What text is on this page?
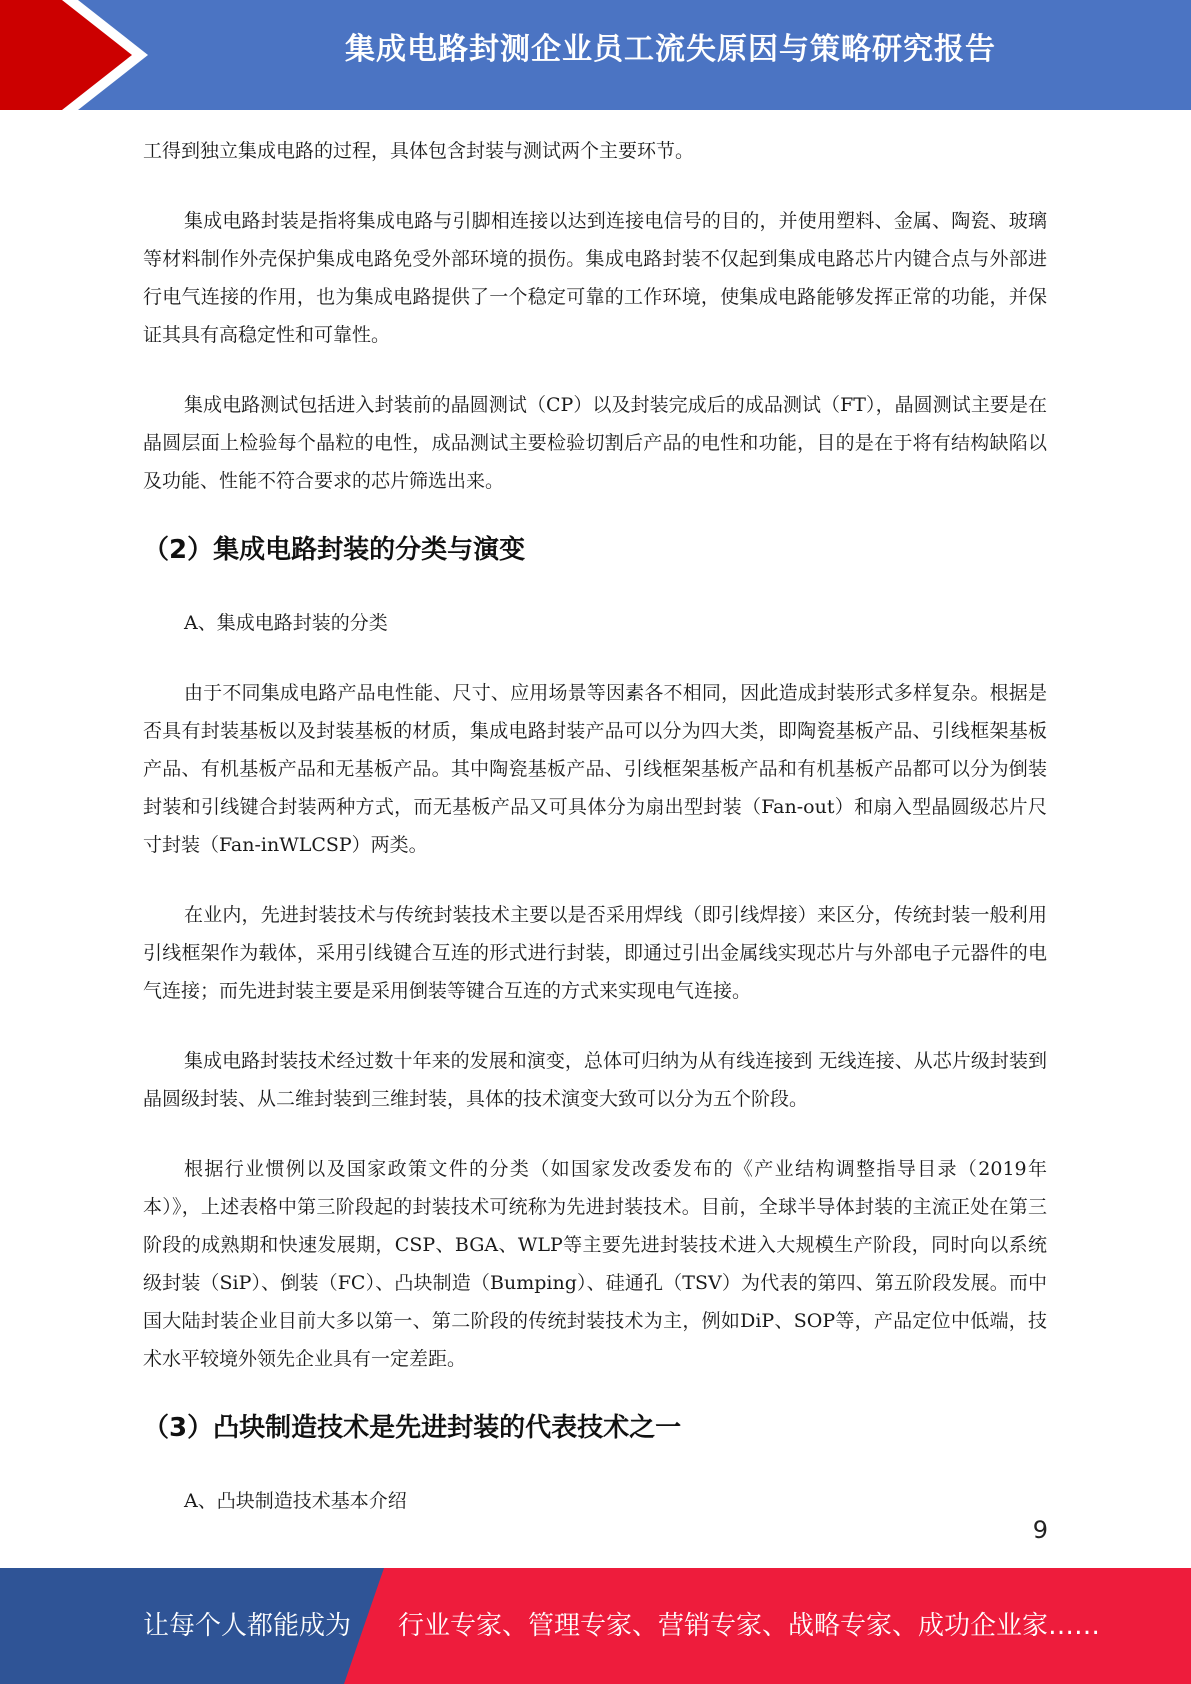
集成电路封测企业员工流失原因与策略研究报告

工得到独立集成电路的过程，具体包含封装与测试两个主要环节。

集成电路封装是指将集成电路与引脚相连接以达到连接电信号的目的，并使用塑料、金属、陶瓷、玻璃等材料制作外壳保护集成电路免受外部环境的损伤。集成电路封装不仅起到集成电路芯片内键合点与外部进行电气连接的作用，也为集成电路提供了一个稳定可靠的工作环境，使集成电路能够发挥正常的功能，并保证其具有高稳定性和可靠性。

集成电路测试包括进入封装前的晶圆测试（CP）以及封装完成后的成品测试（FT），晶圆测试主要是在晶圆层面上检验每个晶粒的电性，成品测试主要检验切割后产品的电性和功能，目的是在于将有结构缺陷以及功能、性能不符合要求的芯片筛选出来。

（2）集成电路封装的分类与演变
A、集成电路封装的分类

由于不同集成电路产品电性能、尺寸、应用场景等因素各不相同，因此造成封装形式多样复杂。根据是否具有封装基板以及封装基板的材质，集成电路封装产品可以分为四大类，即陶瓷基板产品、引线框架基板产品、有机基板产品和无基板产品。其中陶瓷基板产品、引线框架基板产品和有机基板产品都可以分为倒装封装和引线键合封装两种方式，而无基板产品又可具体分为扇出型封装（Fan-out）和扇入型晶圆级芯片尺寸封装（Fan-inWLCSP）两类。

在业内，先进封装技术与传统封装技术主要以是否采用焊线（即引线焊接）来区分，传统封装一般利用引线框架作为载体，采用引线键合互连的形式进行封装，即通过引出金属线实现芯片与外部电子元器件的电气连接；而先进封装主要是采用倒装等键合互连的方式来实现电气连接。

集成电路封装技术经过数十年来的发展和演变，总体可归纳为从有线连接到 无线连接、从芯片级封装到晶圆级封装、从二维封装到三维封装，具体的技术演变大致可以分为五个阶段。

根据行业惯例以及国家政策文件的分类（如国家发改委发布的《产业结构调整指导目录（2019年本）》，上述表格中第三阶段起的封装技术可统称为先进封装技术。目前，全球半导体封装的主流正处在第三阶段的成熟期和快速发展期，CSP、BGA、WLP等主要先进封装技术进入大规模生产阶段，同时向以系统级封装（SiP）、倒装（FC）、凸块制造（Bumping）、硅通孔（TSV）为代表的第四、第五阶段发展。而中国大陆封装企业目前大多以第一、第二阶段的传统封装技术为主，例如DiP、SOP等，产品定位中低端，技术水平较境外领先企业具有一定差距。

（3）凸块制造技术是先进封装的代表技术之一
A、凸块制造技术基本介绍
9
让每个人都能成为 行业专家、管理专家、营销专家、战略专家、成功企业家……
